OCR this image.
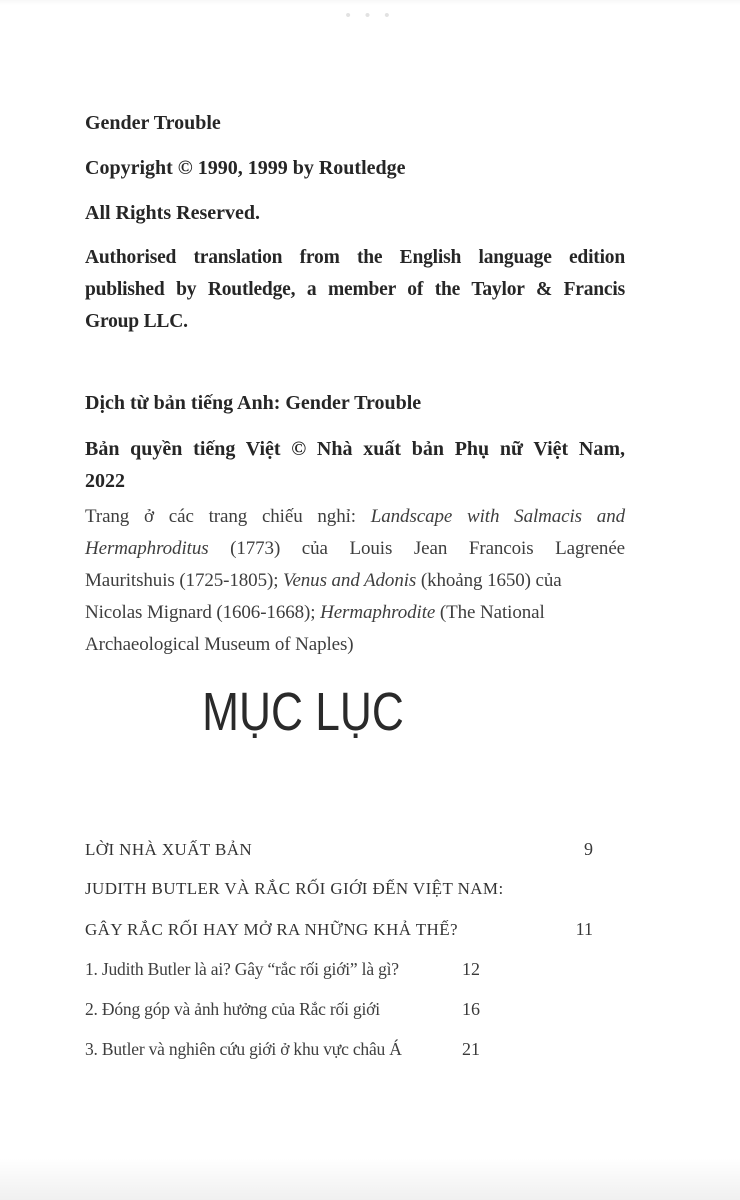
• • •
Gender Trouble
Copyright © 1990, 1999 by Routledge
All Rights Reserved.
Authorised translation from the English language edition
published by Routledge, a member of the Taylor & Francis
Group LLC.
Dịch từ bản tiếng Anh: Gender Trouble
Bản quyền tiếng Việt © Nhà xuất bản Phụ nữ Việt Nam,
2022
Trang ở các trang chiếu nghỉ: Landscape with Salmacis and
Hermaphroditus (1773) của Louis Jean Francois Lagrenée
Mauritshuis (1725-1805); Venus and Adonis (khoảng 1650) của
Nicolas Mignard (1606-1668); Hermaphrodite (The National
Archaeological Museum of Naples)
MỤC LỤC
LỜI NHÀ XUẤT BẢN	9
JUDITH BUTLER VÀ RẮC RỐI GIỚI ĐẾN VIỆT NAM:
GÂY RẮC RỐI HAY MỞ RA NHỮNG KHẢ THẾ?	11
1. Judith Butler là ai? Gây “rắc rối giới” là gì?	12
2. Đóng góp và ảnh hưởng của Rắc rối giới	16
3. Butler và nghiên cứu giới ở khu vực châu Á	21
